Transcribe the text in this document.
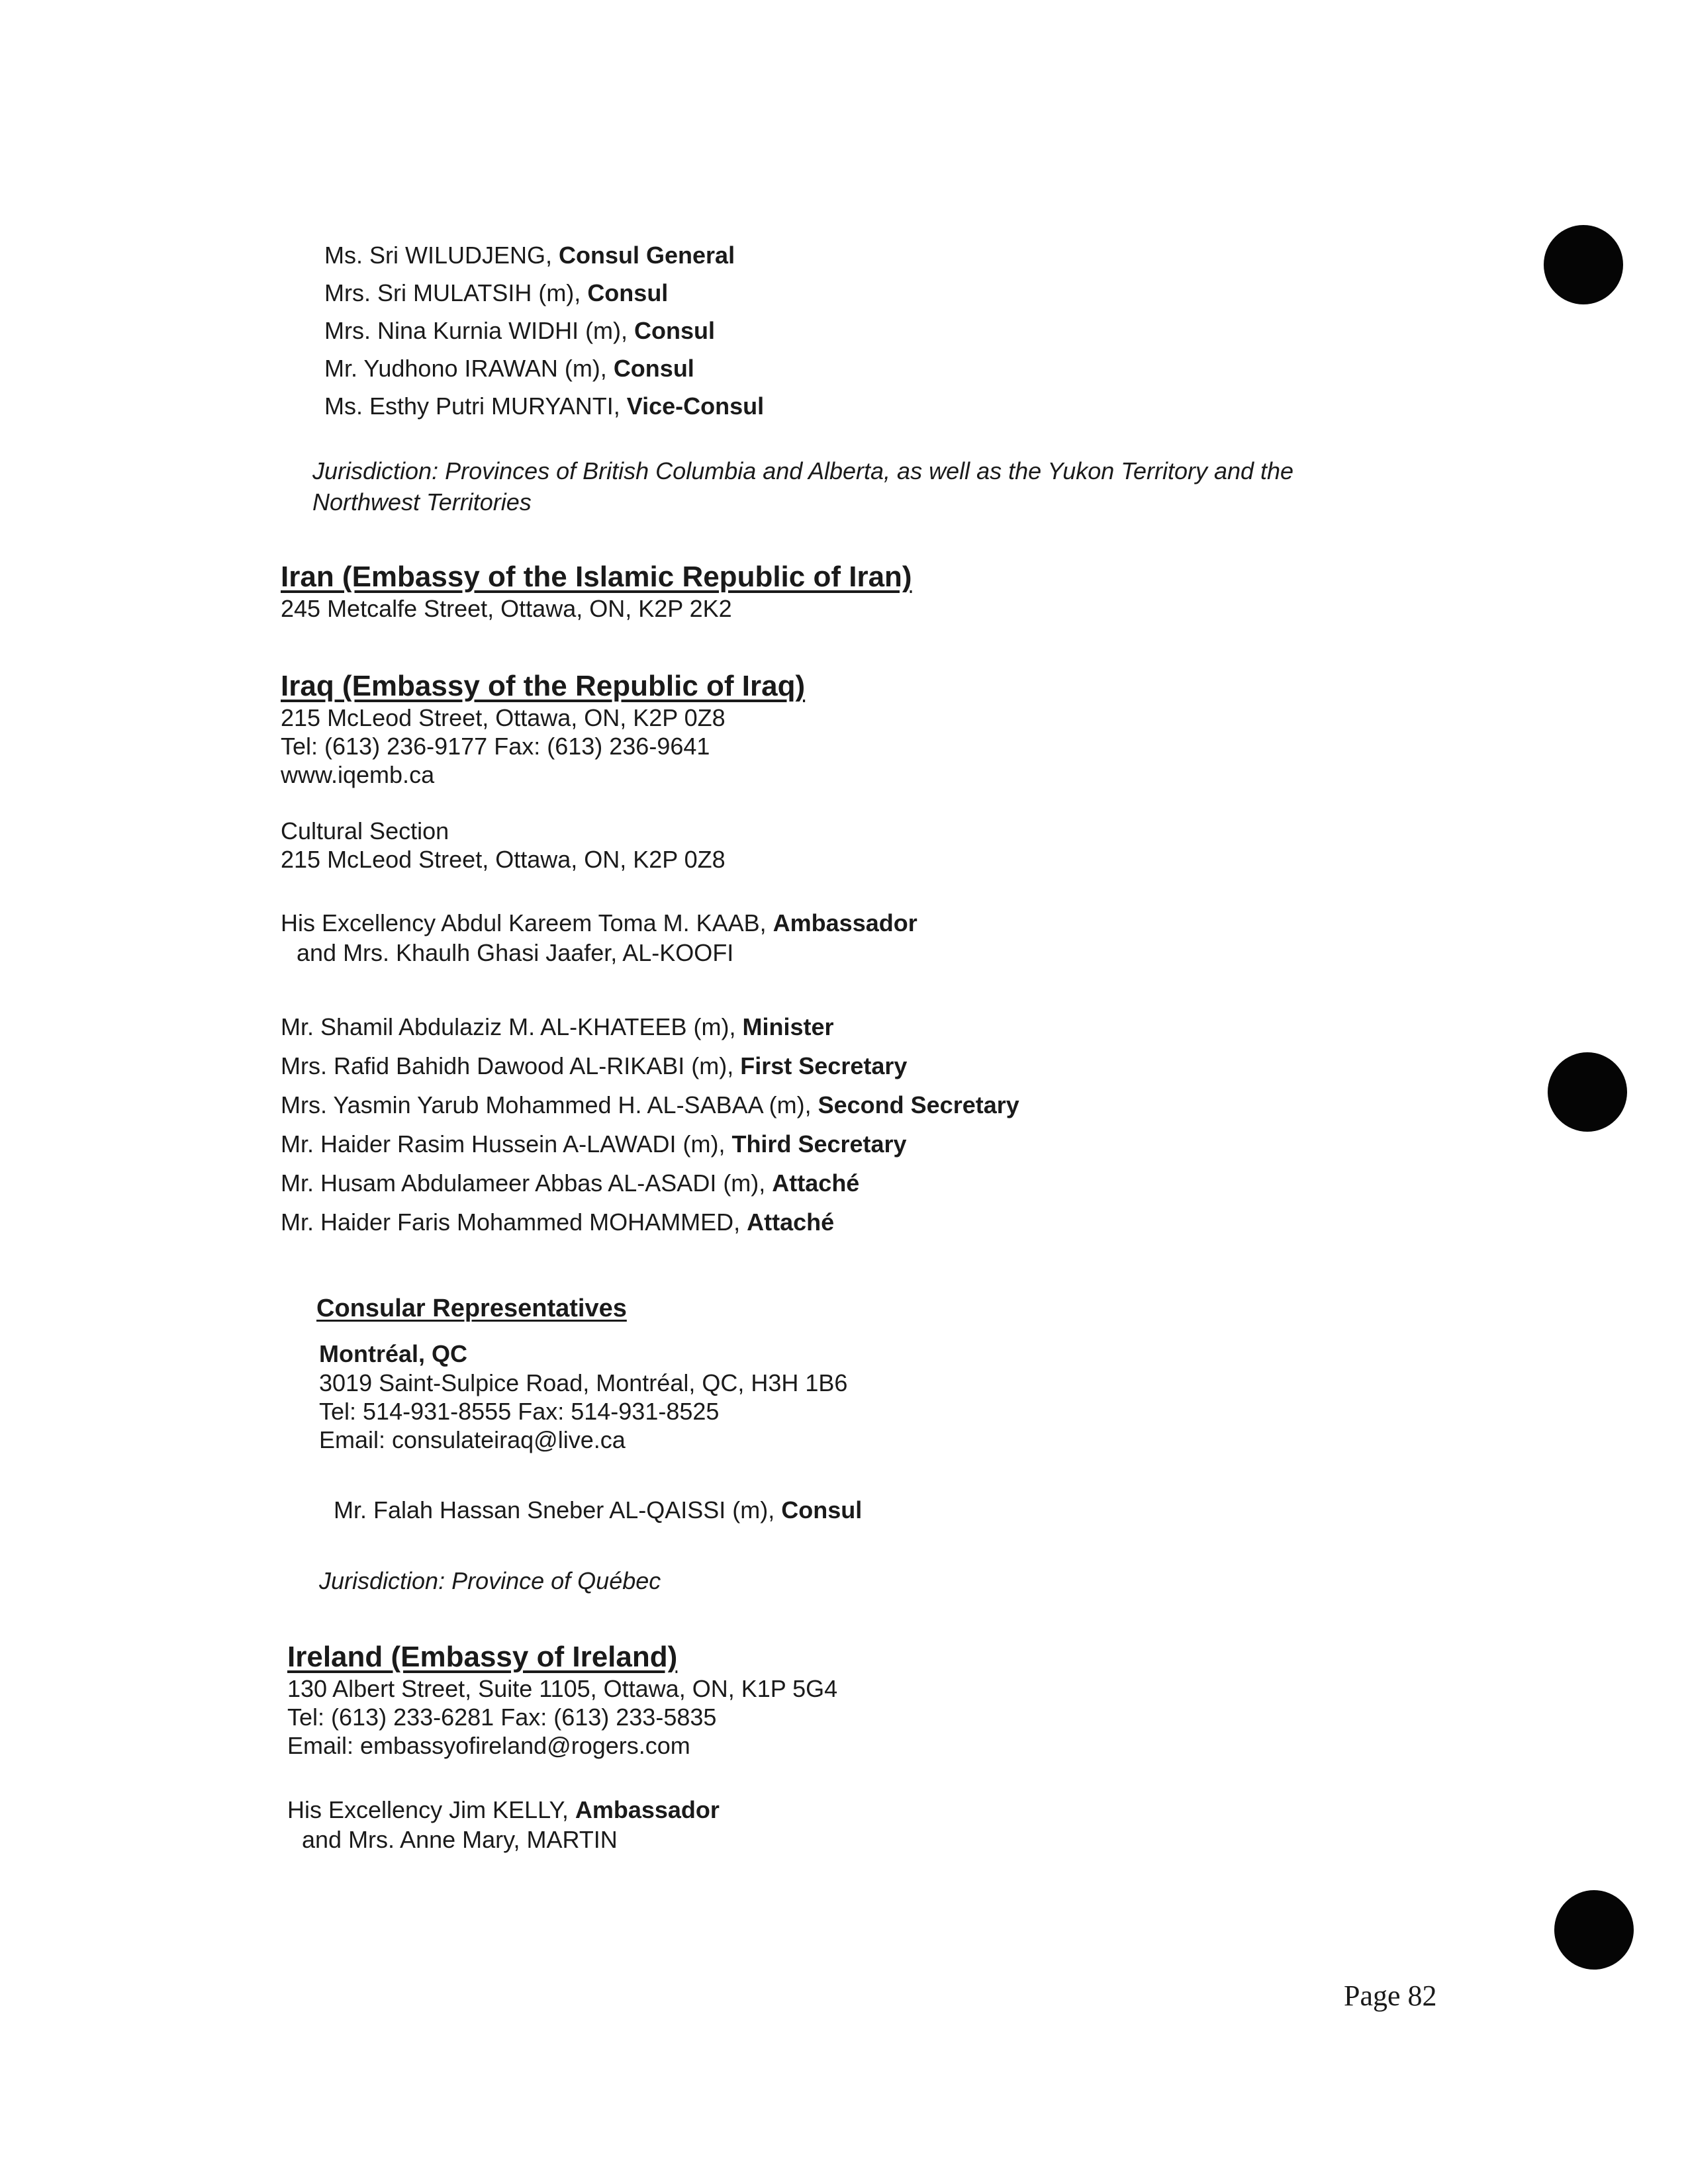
Ms. Sri WILUDJENG, Consul General
Mrs. Sri MULATSIH (m), Consul
Mrs. Nina Kurnia WIDHI (m), Consul
Mr. Yudhono IRAWAN (m), Consul
Ms. Esthy Putri MURYANTI, Vice-Consul
Jurisdiction: Provinces of British Columbia and Alberta, as well as the Yukon Territory and the
Northwest Territories
Iran (Embassy of the Islamic Republic of Iran)
245 Metcalfe Street, Ottawa, ON, K2P 2K2
Iraq (Embassy of the Republic of Iraq)
215 McLeod Street, Ottawa, ON, K2P 0Z8
Tel: (613) 236-9177 Fax: (613) 236-9641
www.iqemb.ca
Cultural Section
215 McLeod Street, Ottawa, ON, K2P 0Z8
His Excellency Abdul Kareem Toma M. KAAB, Ambassador
and Mrs. Khaulh Ghasi Jaafer, AL-KOOFI
Mr. Shamil Abdulaziz M. AL-KHATEEB (m), Minister
Mrs. Rafid Bahidh Dawood AL-RIKABI (m), First Secretary
Mrs. Yasmin Yarub Mohammed H. AL-SABAA (m), Second Secretary
Mr. Haider Rasim Hussein A-LAWADI (m), Third Secretary
Mr. Husam Abdulameer Abbas AL-ASADI (m), Attaché
Mr. Haider Faris Mohammed MOHAMMED, Attaché
Consular Representatives
Montréal, QC
3019 Saint-Sulpice Road, Montréal, QC, H3H 1B6
Tel: 514-931-8555 Fax: 514-931-8525
Email: consulateiraq@live.ca
Mr. Falah Hassan Sneber AL-QAISSI (m), Consul
Jurisdiction: Province of Québec
Ireland (Embassy of Ireland)
130 Albert Street, Suite 1105, Ottawa, ON, K1P 5G4
Tel: (613) 233-6281 Fax: (613) 233-5835
Email: embassyofireland@rogers.com
His Excellency Jim KELLY, Ambassador
and Mrs. Anne Mary, MARTIN
Page 82
